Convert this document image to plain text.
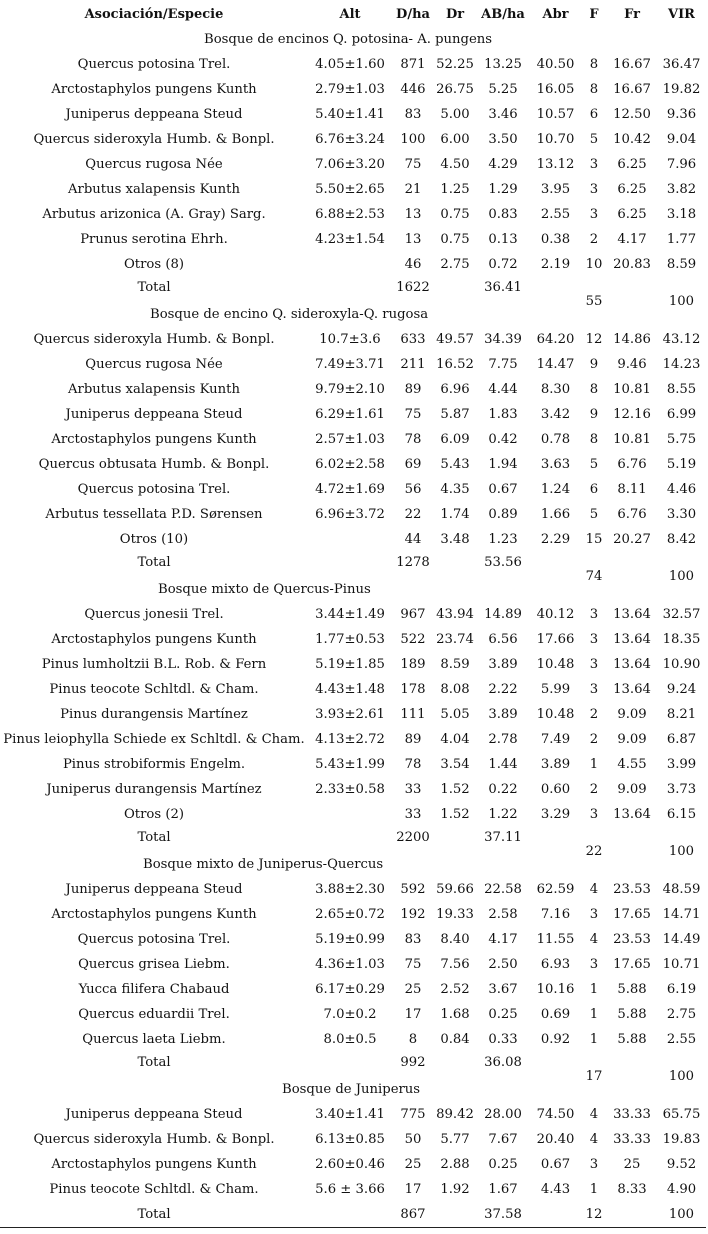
Asociación/Especie	Alt	D/ha	Dr	AB/ha	Abr	F	Fr	VIR
Bosque de encinos Q. potosina- A. pungens								
Quercus potosina Trel.	4.05±1.60	871	52.25	13.25	40.50	8	16.67	36.47
Arctostaphylos pungens Kunth	2.79±1.03	446	26.75	5.25	16.05	8	16.67	19.82
Juniperus deppeana Steud	5.40±1.41	83	5.00	3.46	10.57	6	12.50	9.36
Quercus sideroxyla Humb. & Bonpl.	6.76±3.24	100	6.00	3.50	10.70	5	10.42	9.04
Quercus rugosa Née	7.06±3.20	75	4.50	4.29	13.12	3	6.25	7.96
Arbutus xalapensis Kunth	5.50±2.65	21	1.25	1.29	3.95	3	6.25	3.82
Arbutus arizonica (A. Gray) Sarg.	6.88±2.53	13	0.75	0.83	2.55	3	6.25	3.18
Prunus serotina Ehrh.	4.23±1.54	13	0.75	0.13	0.38	2	4.17	1.77
Otros (8)		46	2.75	0.72	2.19	10	20.83	8.59
Total		1622		36.41		55		100
Bosque de encino Q. sideroxyla-Q. rugosa								
Quercus sideroxyla Humb. & Bonpl.	10.7±3.6	633	49.57	34.39	64.20	12	14.86	43.12
Quercus rugosa Née	7.49±3.71	211	16.52	7.75	14.47	9	9.46	14.23
Arbutus xalapensis Kunth	9.79±2.10	89	6.96	4.44	8.30	8	10.81	8.55
Juniperus deppeana Steud	6.29±1.61	75	5.87	1.83	3.42	9	12.16	6.99
Arctostaphylos pungens Kunth	2.57±1.03	78	6.09	0.42	0.78	8	10.81	5.75
Quercus obtusata Humb. & Bonpl.	6.02±2.58	69	5.43	1.94	3.63	5	6.76	5.19
Quercus potosina Trel.	4.72±1.69	56	4.35	0.67	1.24	6	8.11	4.46
Arbutus tessellata P.D. Sørensen	6.96±3.72	22	1.74	0.89	1.66	5	6.76	3.30
Otros (10)		44	3.48	1.23	2.29	15	20.27	8.42
Total		1278		53.56		74		100
Bosque mixto de Quercus-Pinus								
Quercus jonesii Trel.	3.44±1.49	967	43.94	14.89	40.12	3	13.64	32.57
Arctostaphylos pungens Kunth	1.77±0.53	522	23.74	6.56	17.66	3	13.64	18.35
Pinus lumholtzii B.L. Rob. & Fern	5.19±1.85	189	8.59	3.89	10.48	3	13.64	10.90
Pinus teocote Schltdl. & Cham.	4.43±1.48	178	8.08	2.22	5.99	3	13.64	9.24
Pinus durangensis Martínez	3.93±2.61	111	5.05	3.89	10.48	2	9.09	8.21
Pinus leiophylla Schiede ex Schltdl. & Cham.	4.13±2.72	89	4.04	2.78	7.49	2	9.09	6.87
Pinus strobiformis Engelm.	5.43±1.99	78	3.54	1.44	3.89	1	4.55	3.99
Juniperus durangensis Martínez	2.33±0.58	33	1.52	0.22	0.60	2	9.09	3.73
Otros (2)		33	1.52	1.22	3.29	3	13.64	6.15
Total		2200		37.11		22		100
Bosque mixto de Juniperus-Quercus								
Juniperus deppeana Steud	3.88±2.30	592	59.66	22.58	62.59	4	23.53	48.59
Arctostaphylos pungens Kunth	2.65±0.72	192	19.33	2.58	7.16	3	17.65	14.71
Quercus potosina Trel.	5.19±0.99	83	8.40	4.17	11.55	4	23.53	14.49
Quercus grisea Liebm.	4.36±1.03	75	7.56	2.50	6.93	3	17.65	10.71
Yucca filifera Chabaud	6.17±0.29	25	2.52	3.67	10.16	1	5.88	6.19
Quercus eduardii Trel.	7.0±0.2	17	1.68	0.25	0.69	1	5.88	2.75
Quercus laeta Liebm.	8.0±0.5	8	0.84	0.33	0.92	1	5.88	2.55
Total		992		36.08		17		100
Bosque de Juniperus								
Juniperus deppeana Steud	3.40±1.41	775	89.42	28.00	74.50	4	33.33	65.75
Quercus sideroxyla Humb. & Bonpl.	6.13±0.85	50	5.77	7.67	20.40	4	33.33	19.83
Arctostaphylos pungens Kunth	2.60±0.46	25	2.88	0.25	0.67	3	25	9.52
Pinus teocote Schltdl. & Cham.	5.6 ± 3.66	17	1.92	1.67	4.43	1	8.33	4.90
Total		867		37.58		12		100
